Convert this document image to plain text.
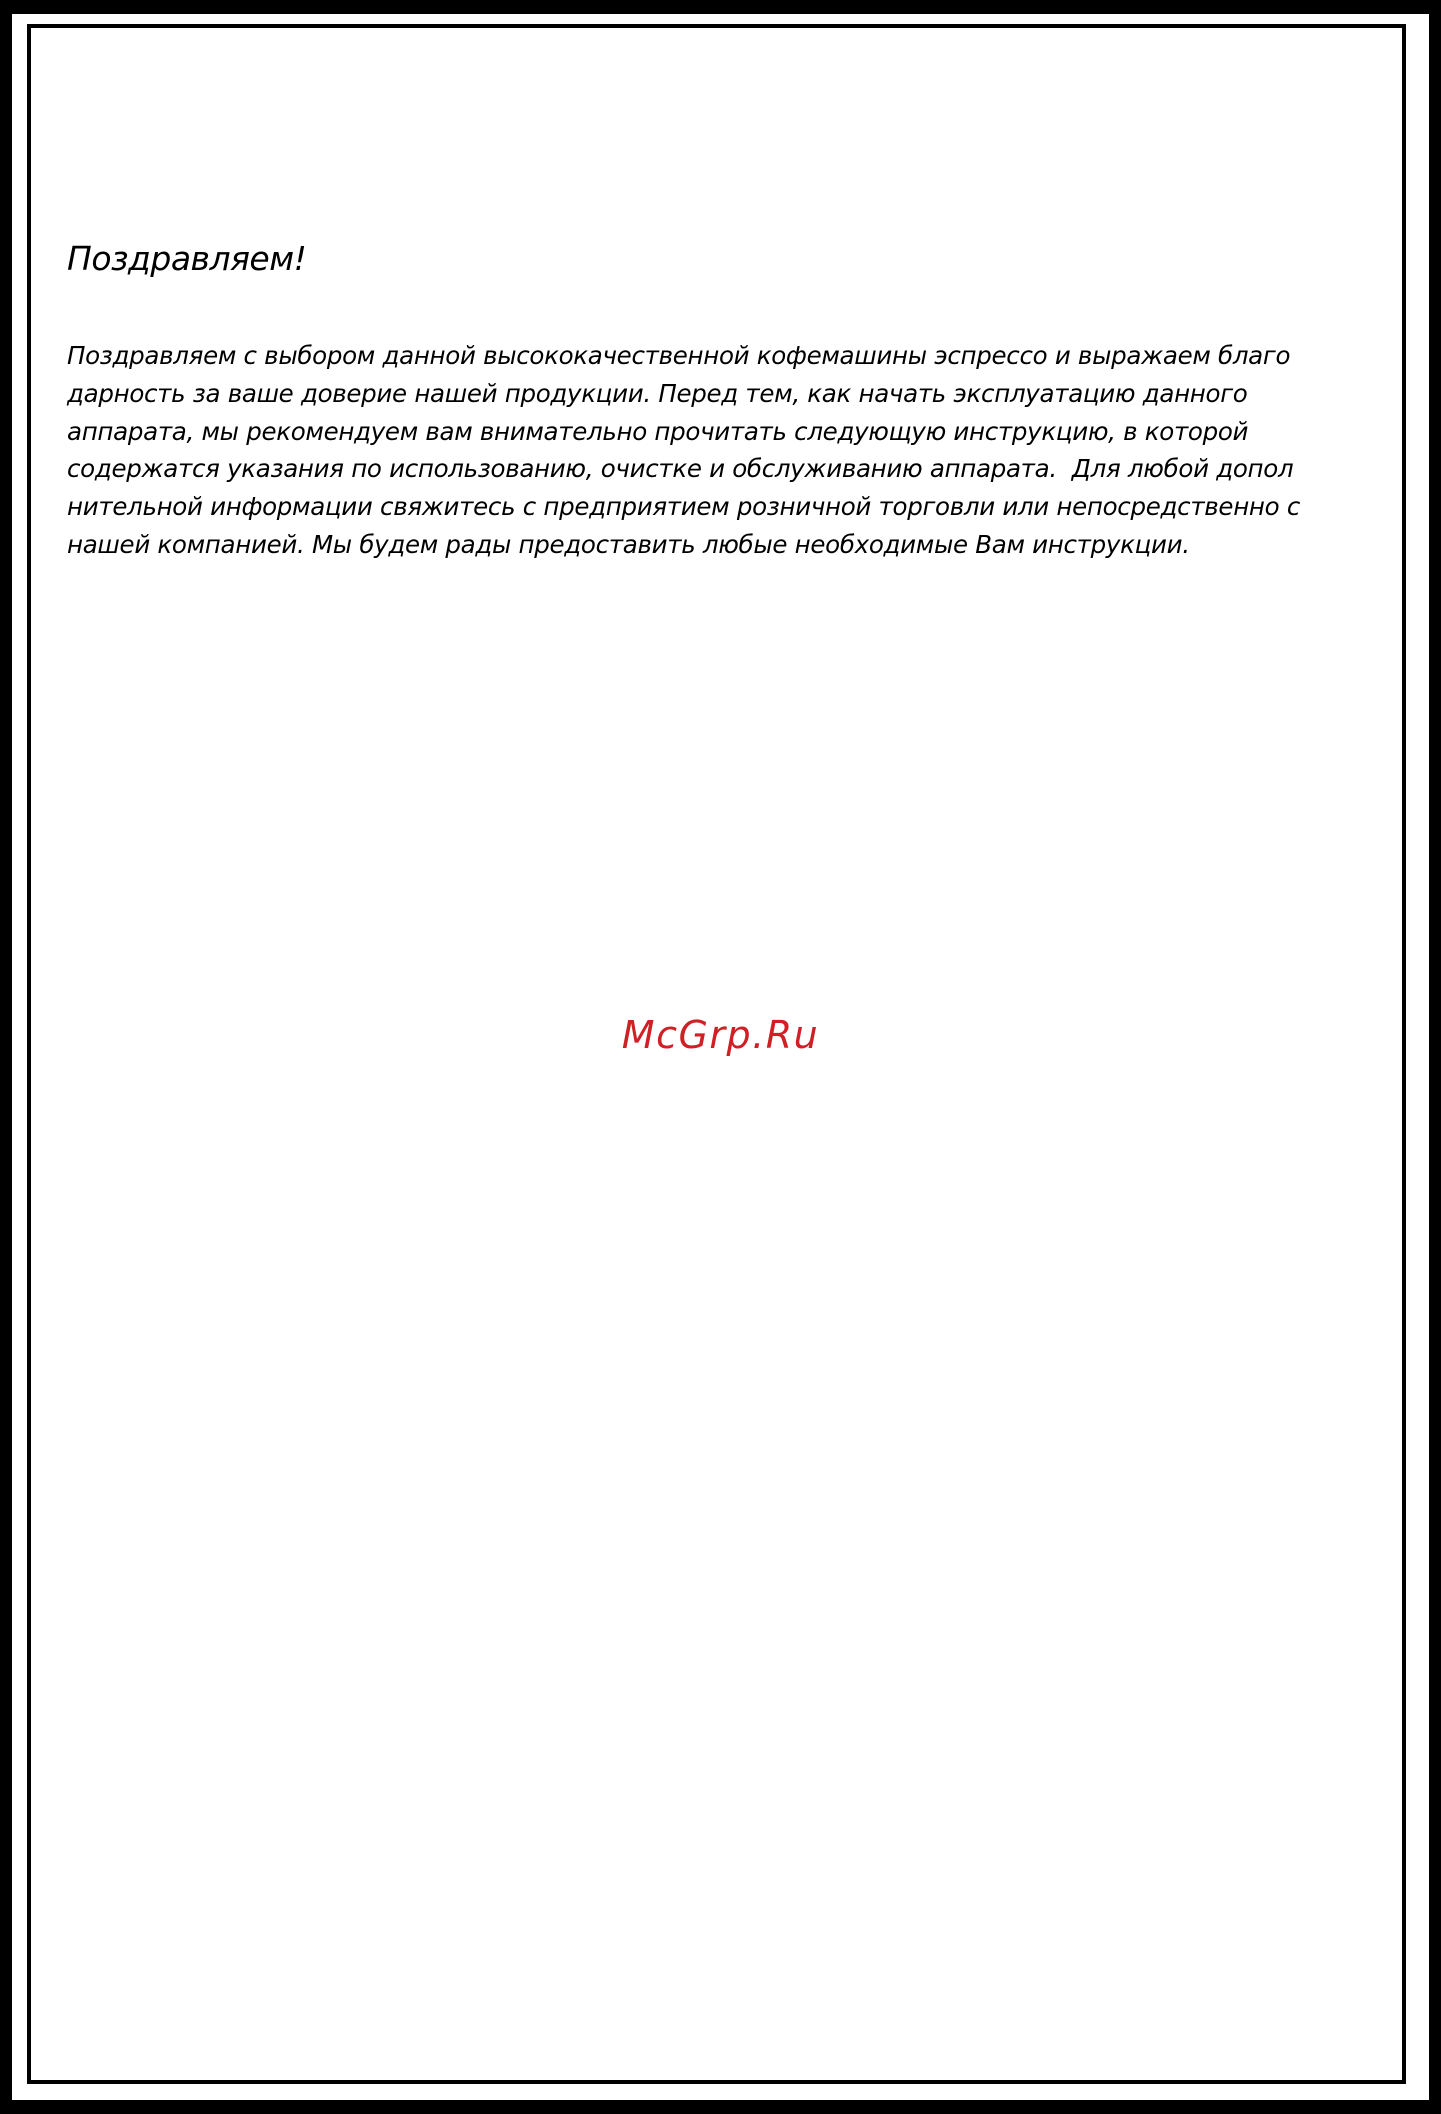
Поздравляем!

Поздравляем с выбором данной высококачественной кофемашины эспрессо и выражаем благо
дарность за ваше доверие нашей продукции. Перед тем, как начать эксплуатацию данного
аппарата, мы рекомендуем вам внимательно прочитать следующую инструкцию, в которой
содержатся указания по использованию, очистке и обслуживанию аппарата.  Для любой допол
нительной информации свяжитесь с предприятием розничной торговли или непосредственно с
нашей компанией. Мы будем рады предоставить любые необходимые Вам инструкции.

McGrp.Ru
